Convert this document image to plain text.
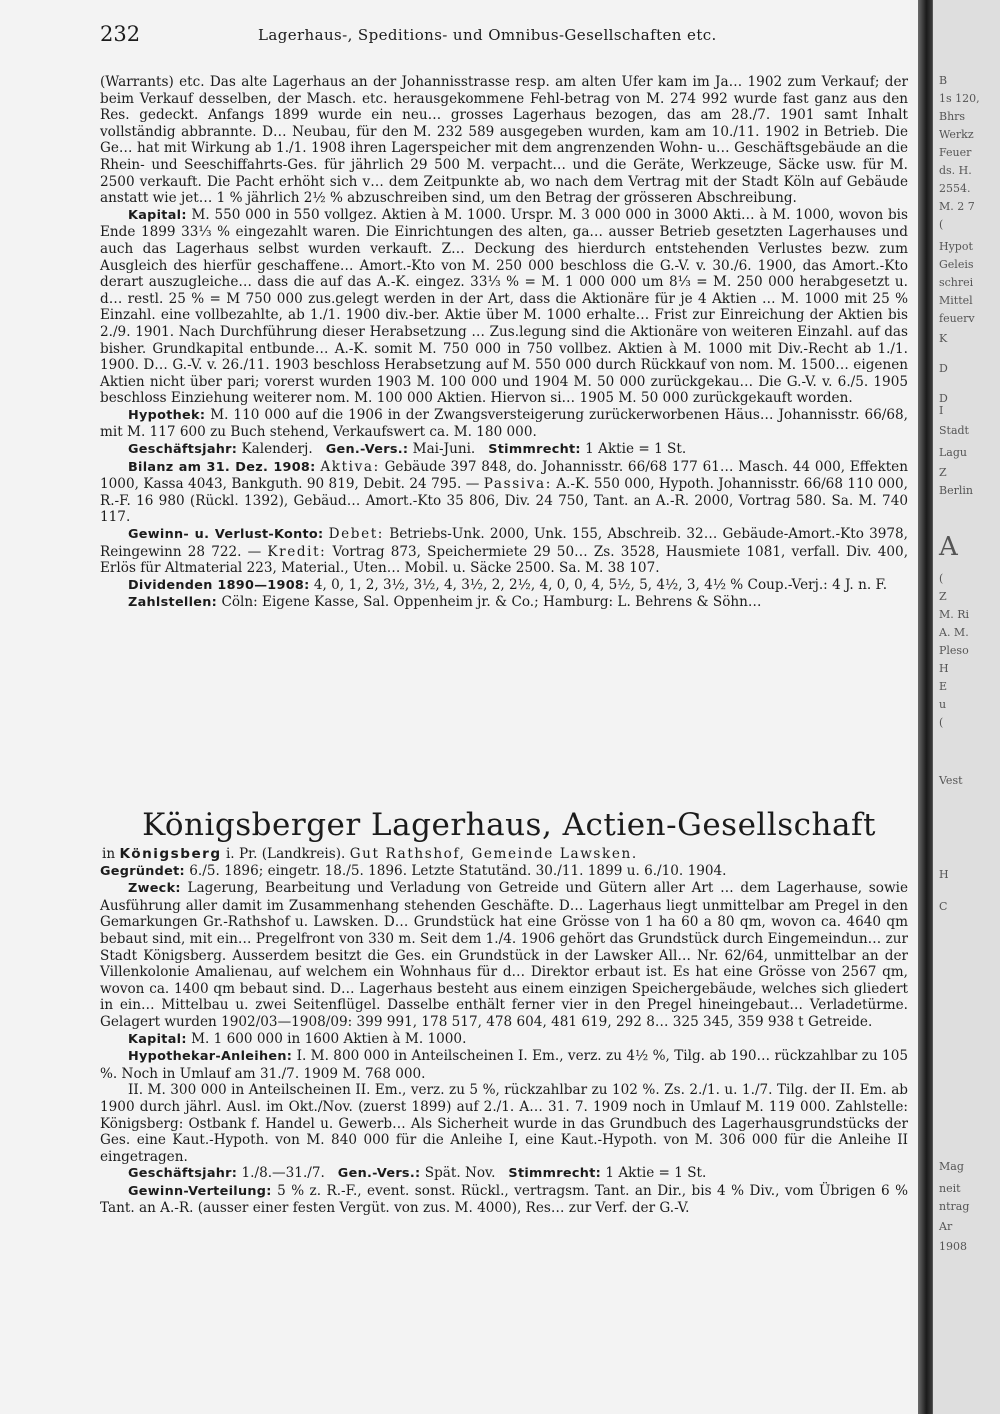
232	Lagerhaus-, Speditions- und Omnibus-Gesellschaften etc.

(Warrants) etc. Das alte Lagerhaus an der Johannisstrasse resp. am alten Ufer kam im Ja… 1902 zum Verkauf; der beim Verkauf desselben, der Masch. etc. herausgekommene Fehl-betrag von M. 274 992 wurde fast ganz aus den Res. gedeckt. Anfangs 1899 wurde ein neu… grosses Lagerhaus bezogen, das am 28./7. 1901 samt Inhalt vollständig abbrannte. D… Neubau, für den M. 232 589 ausgegeben wurden, kam am 10./11. 1902 in Betrieb. Die Ge… hat mit Wirkung ab 1./1. 1908 ihren Lagerspeicher mit dem angrenzenden Wohn- u… Geschäftsgebäude an die Rhein- und Seeschiffahrts-Ges. für jährlich 29 500 M. verpacht… und die Geräte, Werkzeuge, Säcke usw. für M. 2500 verkauft. Die Pacht erhöht sich v… dem Zeitpunkte ab, wo nach dem Vertrag mit der Stadt Köln auf Gebäude anstatt wie jet… 1 % jährlich 2½ % abzuschreiben sind, um den Betrag der grösseren Abschreibung.

Kapital: M. 550 000 in 550 vollgez. Aktien à M. 1000. Urspr. M. 3 000 000 in 3000 Akti… à M. 1000, wovon bis Ende 1899 33⅓ % eingezahlt waren. Die Einrichtungen des alten, ga… ausser Betrieb gesetzten Lagerhauses und auch das Lagerhaus selbst wurden verkauft. Z… Deckung des hierdurch entstehenden Verlustes bezw. zum Ausgleich des hierfür geschaffene… Amort.-Kto von M. 250 000 beschloss die G.-V. v. 30./6. 1900, das Amort.-Kto derart auszugleiche… dass die auf das A.-K. eingez. 33⅓ % = M. 1 000 000 um 8⅓ = M. 250 000 herabgesetzt u. d… restl. 25 % = M 750 000 zus.gelegt werden in der Art, dass die Aktionäre für je 4 Aktien … M. 1000 mit 25 % Einzahl. eine vollbezahlte, ab 1./1. 1900 div.-ber. Aktie über M. 1000 erhalte… Frist zur Einreichung der Aktien bis 2./9. 1901. Nach Durchführung dieser Herabsetzung … Zus.legung sind die Aktionäre von weiteren Einzahl. auf das bisher. Grundkapital entbunde… A.-K. somit M. 750 000 in 750 vollbez. Aktien à M. 1000 mit Div.-Recht ab 1./1. 1900. D… G.-V. v. 26./11. 1903 beschloss Herabsetzung auf M. 550 000 durch Rückkauf von nom. M. 1500… eigenen Aktien nicht über pari; vorerst wurden 1903 M. 100 000 und 1904 M. 50 000 zurückgekau… Die G.-V. v. 6./5. 1905 beschloss Einziehung weiterer nom. M. 100 000 Aktien. Hiervon si… 1905 M. 50 000 zurückgekauft worden.

Hypothek: M. 110 000 auf die 1906 in der Zwangsversteigerung zurückerworbenen Häus… Johannisstr. 66/68, mit M. 117 600 zu Buch stehend, Verkaufswert ca. M. 180 000.

Geschäftsjahr: Kalenderj. Gen.-Vers.: Mai-Juni. Stimmrecht: 1 Aktie = 1 St.

Bilanz am 31. Dez. 1908: Aktiva: Gebäude 397 848, do. Johannisstr. 66/68 177 61… Masch. 44 000, Effekten 1000, Kassa 4043, Bankguth. 90 819, Debit. 24 795. — Passiva: A.-K. 550 000, Hypoth. Johannisstr. 66/68 110 000, R.-F. 16 980 (Rückl. 1392), Gebäud… Amort.-Kto 35 806, Div. 24 750, Tant. an A.-R. 2000, Vortrag 580. Sa. M. 740 117.

Gewinn- u. Verlust-Konto: Debet: Betriebs-Unk. 2000, Unk. 155, Abschreib. 32… Gebäude-Amort.-Kto 3978, Reingewinn 28 722. — Kredit: Vortrag 873, Speichermiete 29 50… Zs. 3528, Hausmiete 1081, verfall. Div. 400, Erlös für Altmaterial 223, Material., Uten… Mobil. u. Säcke 2500. Sa. M. 38 107.

Dividenden 1890—1908: 4, 0, 1, 2, 3½, 3½, 4, 3½, 2, 2½, 4, 0, 0, 4, 5½, 5, 4½, 3, 4½ % Coup.-Verj.: 4 J. n. F.

Zahlstellen: Cöln: Eigene Kasse, Sal. Oppenheim jr. & Co.; Hamburg: L. Behrens & Söhn…

Königsberger Lagerhaus, Actien-Gesellschaft

in Königsberg i. Pr. (Landkreis). Gut Rathshof, Gemeinde Lawsken.

Gegründet: 6./5. 1896; eingetr. 18./5. 1896. Letzte Statutänd. 30./11. 1899 u. 6./10. 1904.

Zweck: Lagerung, Bearbeitung und Verladung von Getreide und Gütern aller Art … dem Lagerhause, sowie Ausführung aller damit im Zusammenhang stehenden Geschäfte. D… Lagerhaus liegt unmittelbar am Pregel in den Gemarkungen Gr.-Rathshof u. Lawsken. D… Grundstück hat eine Grösse von 1 ha 60 a 80 qm, wovon ca. 4640 qm bebaut sind, mit ein… Pregelfront von 330 m. Seit dem 1./4. 1906 gehört das Grundstück durch Eingemeindun… zur Stadt Königsberg. Ausserdem besitzt die Ges. ein Grundstück in der Lawsker All… Nr. 62/64, unmittelbar an der Villenkolonie Amalienau, auf welchem ein Wohnhaus für d… Direktor erbaut ist. Es hat eine Grösse von 2567 qm, wovon ca. 1400 qm bebaut sind. D… Lagerhaus besteht aus einem einzigen Speichergebäude, welches sich gliedert in ein… Mittelbau u. zwei Seitenflügel. Dasselbe enthält ferner vier in den Pregel hineingebaut… Verladetürme. Gelagert wurden 1902/03—1908/09: 399 991, 178 517, 478 604, 481 619, 292 8… 325 345, 359 938 t Getreide.

Kapital: M. 1 600 000 in 1600 Aktien à M. 1000.

Hypothekar-Anleihen: I. M. 800 000 in Anteilscheinen I. Em., verz. zu 4½ %, Tilg. ab 190… rückzahlbar zu 105 %. Noch in Umlauf am 31./7. 1909 M. 768 000.

II. M. 300 000 in Anteilscheinen II. Em., verz. zu 5 %, rückzahlbar zu 102 %. Zs. 2./1. u. 1./7. Tilg. der II. Em. ab 1900 durch jährl. Ausl. im Okt./Nov. (zuerst 1899) auf 2./1. A… 31. 7. 1909 noch in Umlauf M. 119 000. Zahlstelle: Königsberg: Ostbank f. Handel u. Gewerb… Als Sicherheit wurde in das Grundbuch des Lagerhausgrundstücks der Ges. eine Kaut.-Hypoth. von M. 840 000 für die Anleihe I, eine Kaut.-Hypoth. von M. 306 000 für die Anleihe II eingetragen.

Geschäftsjahr: 1./8.—31./7. Gen.-Vers.: Spät. Nov. Stimmrecht: 1 Aktie = 1 St.

Gewinn-Verteilung: 5 % z. R.-F., event. sonst. Rückl., vertragsm. Tant. an Dir., bis 4 % Div., vom Übrigen 6 % Tant. an A.-R. (ausser einer festen Vergüt. von zus. M. 4000), Res… zur Verf. der G.-V.

B
1s 120,
Bhrs
Werkz
Feuer
ds. H.
2554.
M. 2 7
(
Hypot
Geleis
schrei
Mittel
feuerv
K
D
D
I
Stadt
Lagu
Z
Berlin
A
(
Z
M. Ri
A. M.
Pleso
H
E
u
(
Vest
H
C
Mag
neit
ntrag
Ar
1908
